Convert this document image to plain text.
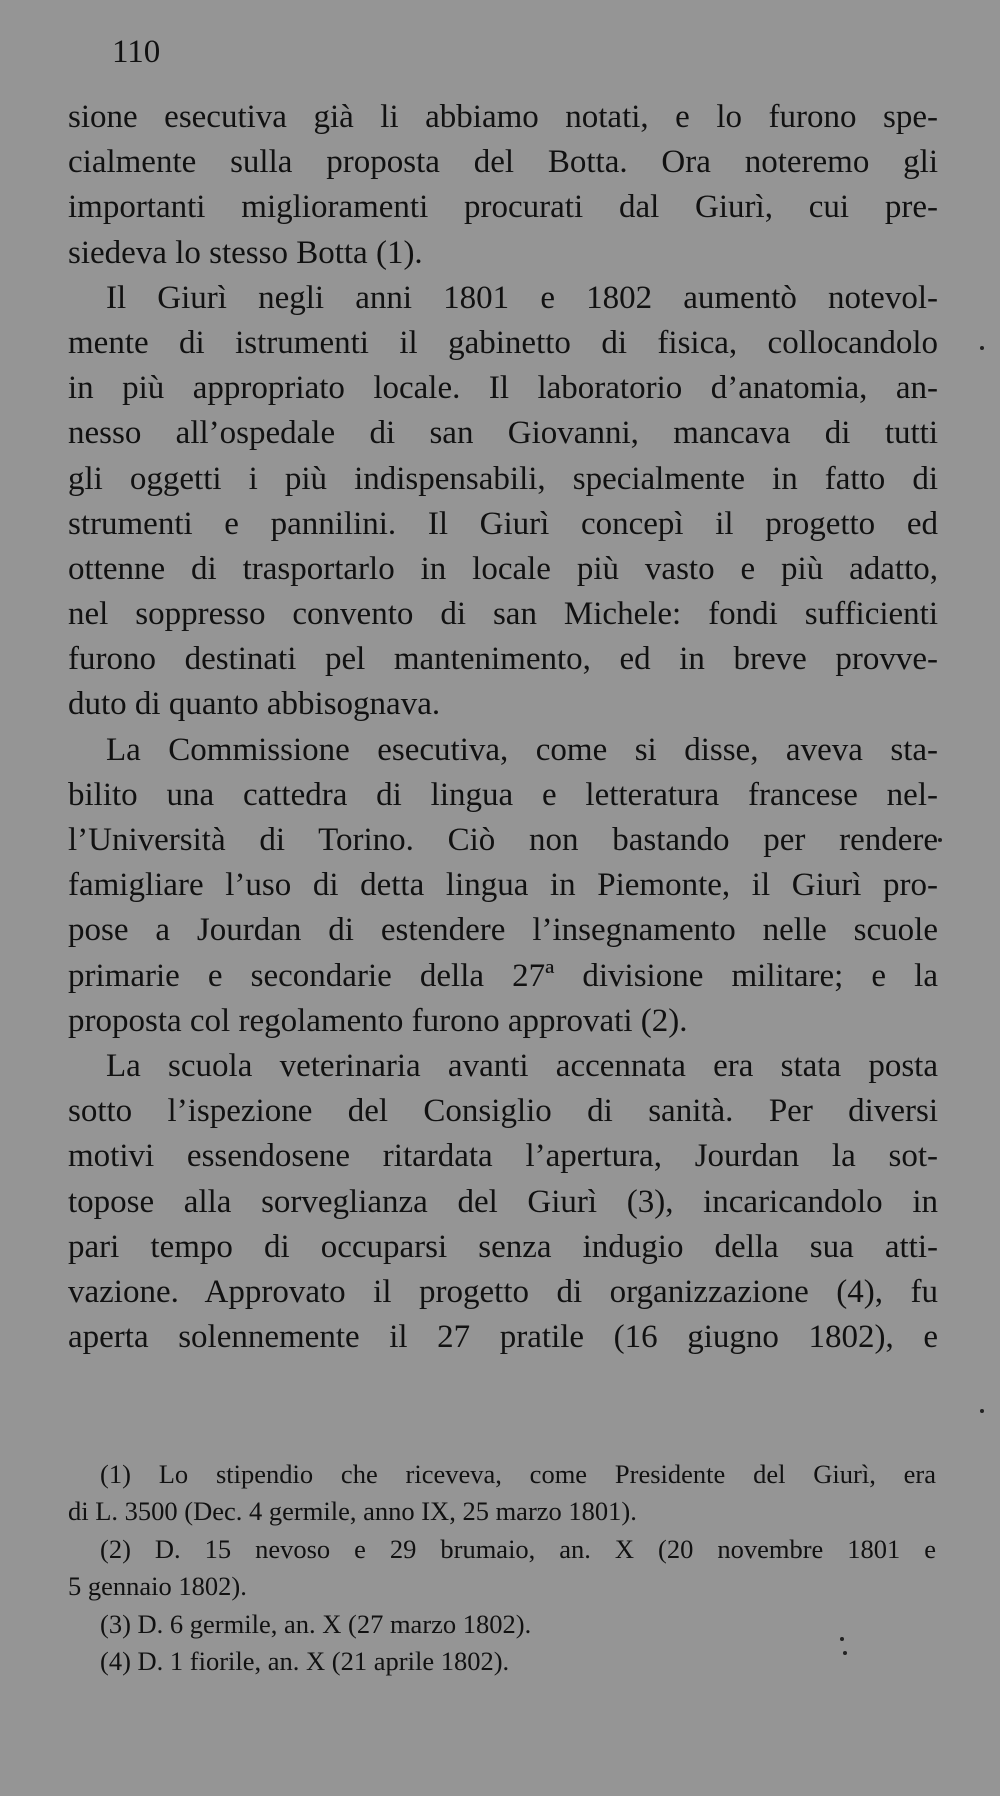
110
sione esecutiva già li abbiamo notati, e lo furono spe-
cialmente sulla proposta del Botta. Ora noteremo gli
importanti miglioramenti procurati dal Giurì, cui pre-
siedeva lo stesso Botta (1).
Il Giurì negli anni 1801 e 1802 aumentò notevol-
mente di istrumenti il gabinetto di fisica, collocandolo
in più appropriato locale. Il laboratorio d’anatomia, an-
nesso all’ospedale di san Giovanni, mancava di tutti
gli oggetti i più indispensabili, specialmente in fatto di
strumenti e pannilini. Il Giurì concepì il progetto ed
ottenne di trasportarlo in locale più vasto e più adatto,
nel soppresso convento di san Michele: fondi sufficienti
furono destinati pel mantenimento, ed in breve provve-
duto di quanto abbisognava.
La Commissione esecutiva, come si disse, aveva sta-
bilito una cattedra di lingua e letteratura francese nel-
l’Università di Torino. Ciò non bastando per rendere
famigliare l’uso di detta lingua in Piemonte, il Giurì pro-
pose a Jourdan di estendere l’insegnamento nelle scuole
primarie e secondarie della 27ª divisione militare; e la
proposta col regolamento furono approvati (2).
La scuola veterinaria avanti accennata era stata posta
sotto l’ispezione del Consiglio di sanità. Per diversi
motivi essendosene ritardata l’apertura, Jourdan la sot-
topose alla sorveglianza del Giurì (3), incaricandolo in
pari tempo di occuparsi senza indugio della sua atti-
vazione. Approvato il progetto di organizzazione (4), fu
aperta solennemente il 27 pratile (16 giugno 1802), e
(1) Lo stipendio che riceveva, come Presidente del Giurì, era
di L. 3500 (Dec. 4 germile, anno IX, 25 marzo 1801).
(2) D. 15 nevoso e 29 brumaio, an. X (20 novembre 1801 e
5 gennaio 1802).
(3) D. 6 germile, an. X (27 marzo 1802).
(4) D. 1 fiorile, an. X (21 aprile 1802).
